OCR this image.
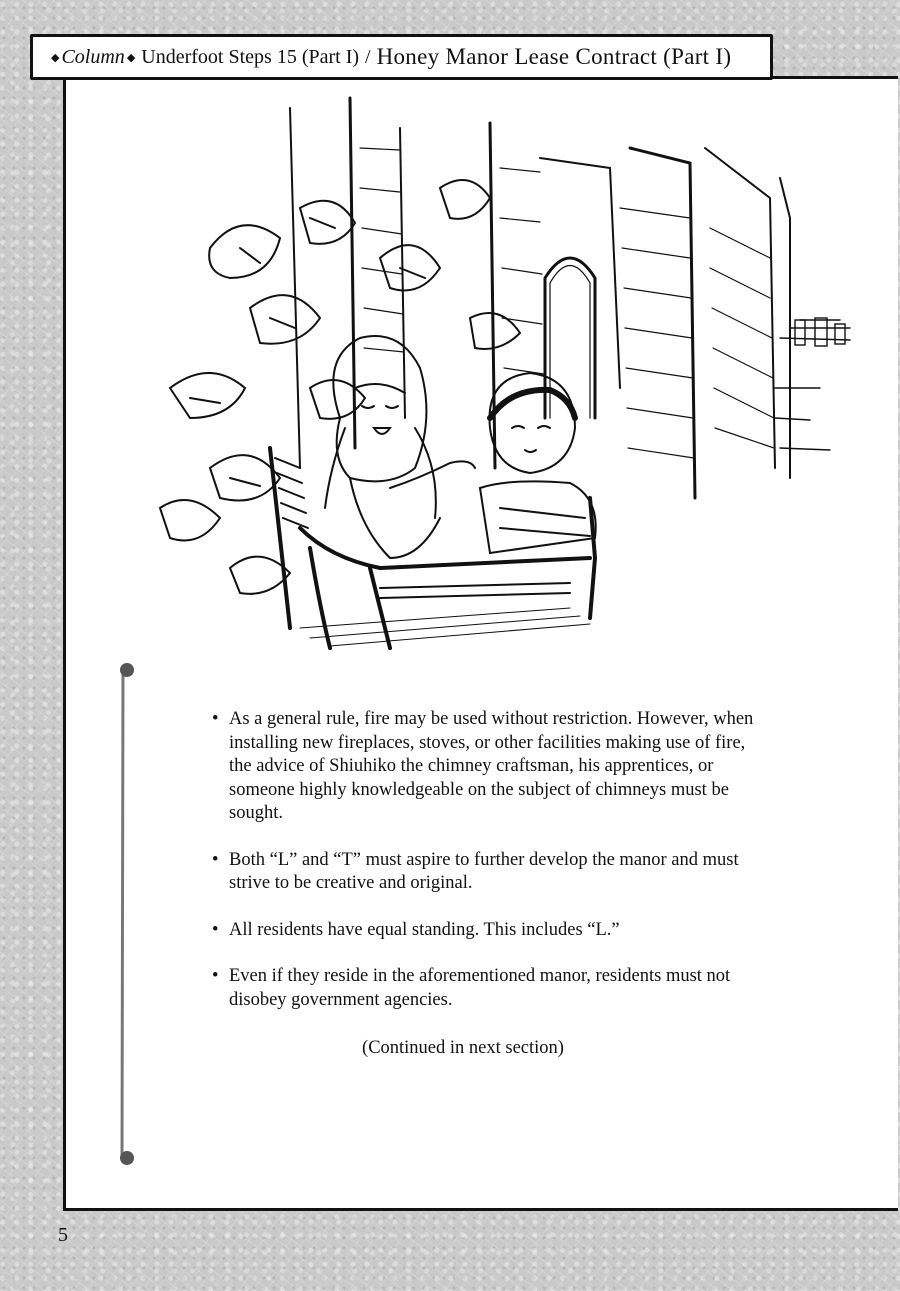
◆ Column ◆ Underfoot Steps 15 (Part I) / Honey Manor Lease Contract (Part I)
• As a general rule, fire may be used without restriction. However, when installing new fireplaces, stoves, or other facilities making use of fire, the advice of Shiuhiko the chimney craftsman, his apprentices, or someone highly knowledgeable on the subject of chimneys must be sought.
• Both “L” and “T” must aspire to further develop the manor and must strive to be creative and original.
• All residents have equal standing. This includes “L.”
• Even if they reside in the aforementioned manor, residents must not disobey government agencies.
(Continued in next section)
5
